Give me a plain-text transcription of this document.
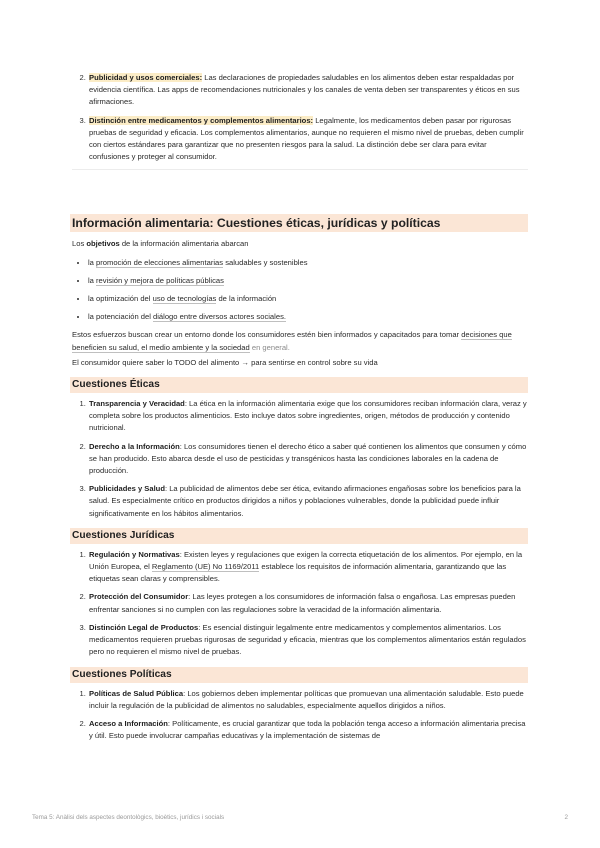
2. Publicidad y usos comerciales: Las declaraciones de propiedades saludables en los alimentos deben estar respaldadas por evidencia científica. Las apps de recomendaciones nutricionales y los canales de venta deben ser transparentes y éticos en sus afirmaciones.
3. Distinción entre medicamentos y complementos alimentarios: Legalmente, los medicamentos deben pasar por rigurosas pruebas de seguridad y eficacia. Los complementos alimentarios, aunque no requieren el mismo nivel de pruebas, deben cumplir con ciertos estándares para garantizar que no presenten riesgos para la salud. La distinción debe ser clara para evitar confusiones y proteger al consumidor.
Información alimentaria: Cuestiones éticas, jurídicas y políticas

Los objetivos de la información alimentaria abarcan

• la promoción de elecciones alimentarias saludables y sostenibles
• la revisión y mejora de políticas públicas
• la optimización del uso de tecnologías de la información
• la potenciación del diálogo entre diversos actores sociales.

Estos esfuerzos buscan crear un entorno donde los consumidores estén bien informados y capacitados para tomar decisiones que beneficien su salud, el medio ambiente y la sociedad en general.

El consumidor quiere saber lo TODO del alimento → para sentirse en control sobre su vida

Cuestiones Éticas
1. Transparencia y Veracidad: La ética en la información alimentaria exige que los consumidores reciban información clara, veraz y completa sobre los productos alimenticios. Esto incluye datos sobre ingredientes, origen, métodos de producción y contenido nutricional.
2. Derecho a la Información: Los consumidores tienen el derecho ético a saber qué contienen los alimentos que consumen y cómo se han producido. Esto abarca desde el uso de pesticidas y transgénicos hasta las condiciones laborales en la cadena de producción.
3. Publicidades y Salud: La publicidad de alimentos debe ser ética, evitando afirmaciones engañosas sobre los beneficios para la salud. Es especialmente crítico en productos dirigidos a niños y poblaciones vulnerables, donde la publicidad puede influir significativamente en los hábitos alimentarios.
Cuestiones Jurídicas
1. Regulación y Normativas: Existen leyes y regulaciones que exigen la correcta etiquetación de los alimentos. Por ejemplo, en la Unión Europea, el Reglamento (UE) No 1169/2011 establece los requisitos de información alimentaria, garantizando que las etiquetas sean claras y comprensibles.
2. Protección del Consumidor: Las leyes protegen a los consumidores de información falsa o engañosa. Las empresas pueden enfrentar sanciones si no cumplen con las regulaciones sobre la veracidad de la información alimentaria.
3. Distinción Legal de Productos: Es esencial distinguir legalmente entre medicamentos y complementos alimentarios. Los medicamentos requieren pruebas rigurosas de seguridad y eficacia, mientras que los complementos alimentarios están regulados pero no requieren el mismo nivel de pruebas.
Cuestiones Políticas
1. Políticas de Salud Pública: Los gobiernos deben implementar políticas que promuevan una alimentación saludable. Esto puede incluir la regulación de la publicidad de alimentos no saludables, especialmente aquellos dirigidos a niños.
2. Acceso a Información: Políticamente, es crucial garantizar que toda la población tenga acceso a información alimentaria precisa y útil. Esto puede involucrar campañas educativas y la implementación de sistemas de
Tema 5: Anàlisi dels aspectes deontològics, bioètics, jurídics i socials	2
